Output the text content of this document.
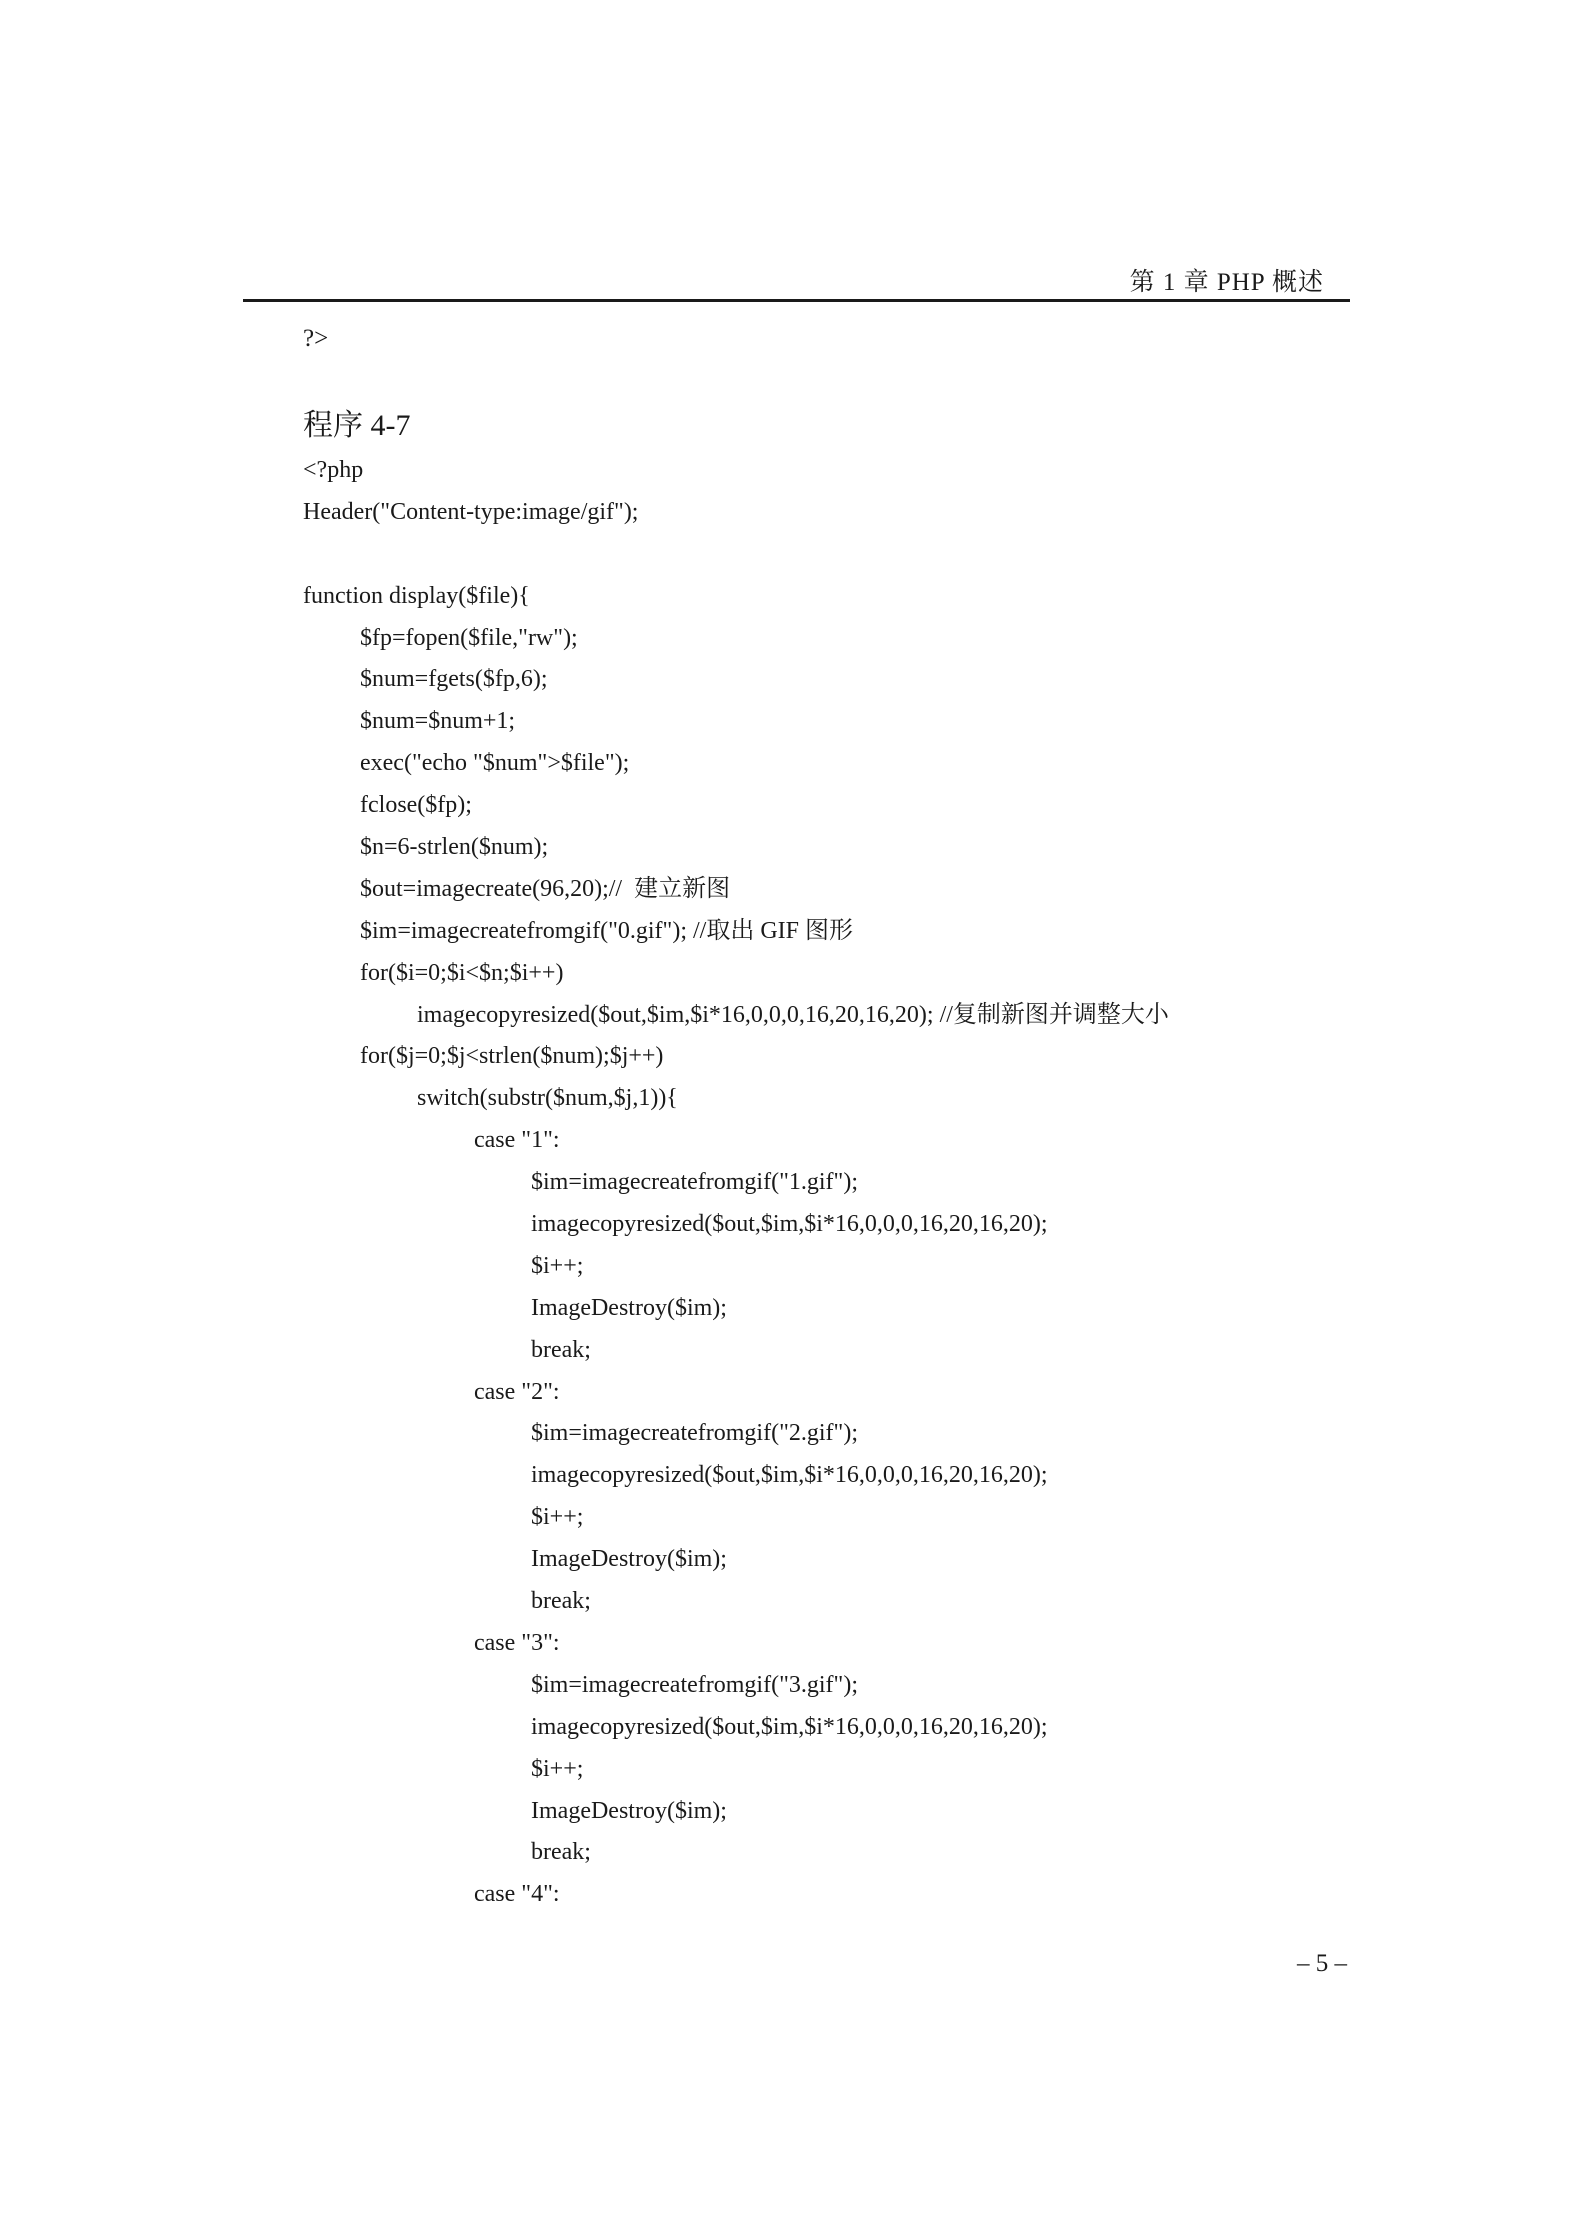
第 1 章 PHP 概述
?>
程序 4-7
<?php
Header("Content-type:image/gif");
function display($file){
$fp=fopen($file,"rw");
$num=fgets($fp,6);
$num=$num+1;
exec("echo "$num">$file");
fclose($fp);
$n=6-strlen($num);
$out=imagecreate(96,20);//  建立新图
$im=imagecreatefromgif("0.gif"); //取出 GIF 图形
for($i=0;$i<$n;$i++)
imagecopyresized($out,$im,$i*16,0,0,0,16,20,16,20); //复制新图并调整大小
for($j=0;$j<strlen($num);$j++)
switch(substr($num,$j,1)){
case "1":
$im=imagecreatefromgif("1.gif");
imagecopyresized($out,$im,$i*16,0,0,0,16,20,16,20);
$i++;
ImageDestroy($im);
break;
case "2":
$im=imagecreatefromgif("2.gif");
imagecopyresized($out,$im,$i*16,0,0,0,16,20,16,20);
$i++;
ImageDestroy($im);
break;
case "3":
$im=imagecreatefromgif("3.gif");
imagecopyresized($out,$im,$i*16,0,0,0,16,20,16,20);
$i++;
ImageDestroy($im);
break;
case "4":
– 5 –
